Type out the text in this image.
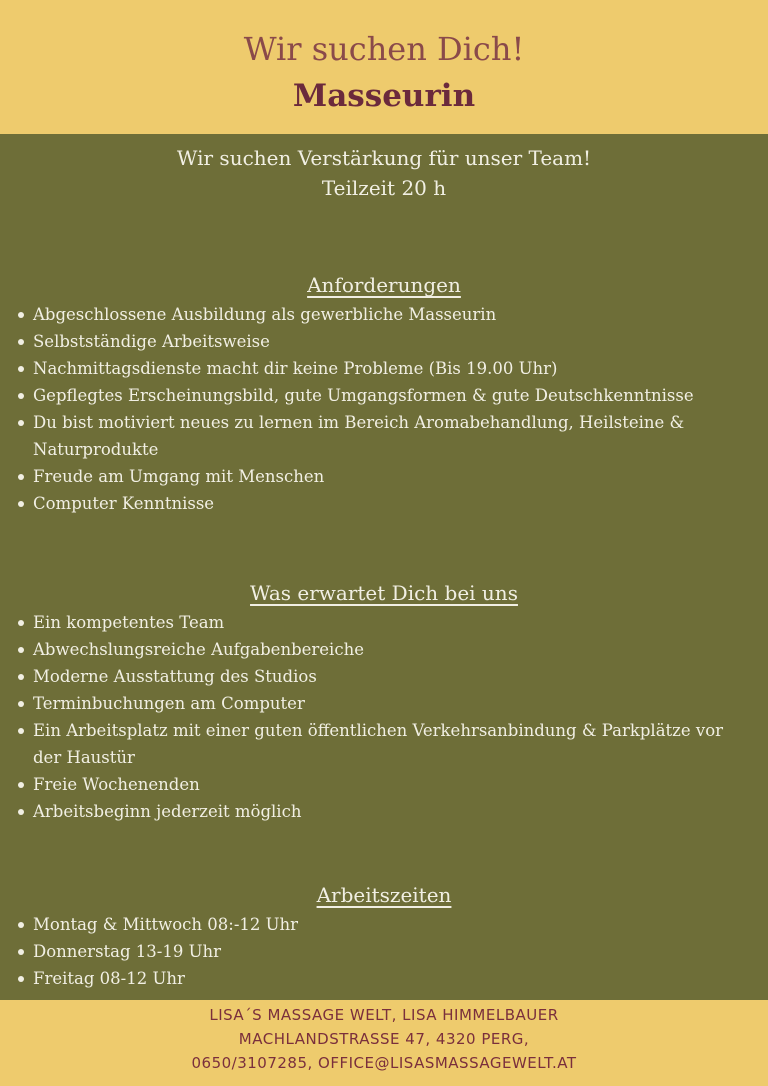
Wir suchen Dich!
Masseurin
Wir suchen Verstärkung für unser Team!
Teilzeit 20 h
Anforderungen
Abgeschlossene Ausbildung als gewerbliche Masseurin
Selbstständige Arbeitsweise
Nachmittagsdienste macht dir keine Probleme (Bis 19.00 Uhr)
Gepflegtes Erscheinungsbild, gute Umgangsformen & gute Deutschkenntnisse
Du bist motiviert neues zu lernen im Bereich Aromabehandlung, Heilsteine & Naturprodukte
Freude am Umgang mit Menschen
Computer Kenntnisse
Was erwartet Dich bei uns
Ein kompetentes Team
Abwechslungsreiche Aufgabenbereiche
Moderne Ausstattung des Studios
Terminbuchungen am Computer
Ein Arbeitsplatz mit einer guten öffentlichen Verkehrsanbindung & Parkplätze vor der Haustür
Freie Wochenenden
Arbeitsbeginn jederzeit möglich
Arbeitszeiten
Montag & Mittwoch 08:-12 Uhr
Donnerstag 13-19 Uhr
Freitag 08-12 Uhr
LISA´S MASSAGE WELT, LISA HIMMELBAUER
MACHLANDSTRASSE 47, 4320 PERG,
0650/3107285, OFFICE@LISASMASSAGEWELT.AT
